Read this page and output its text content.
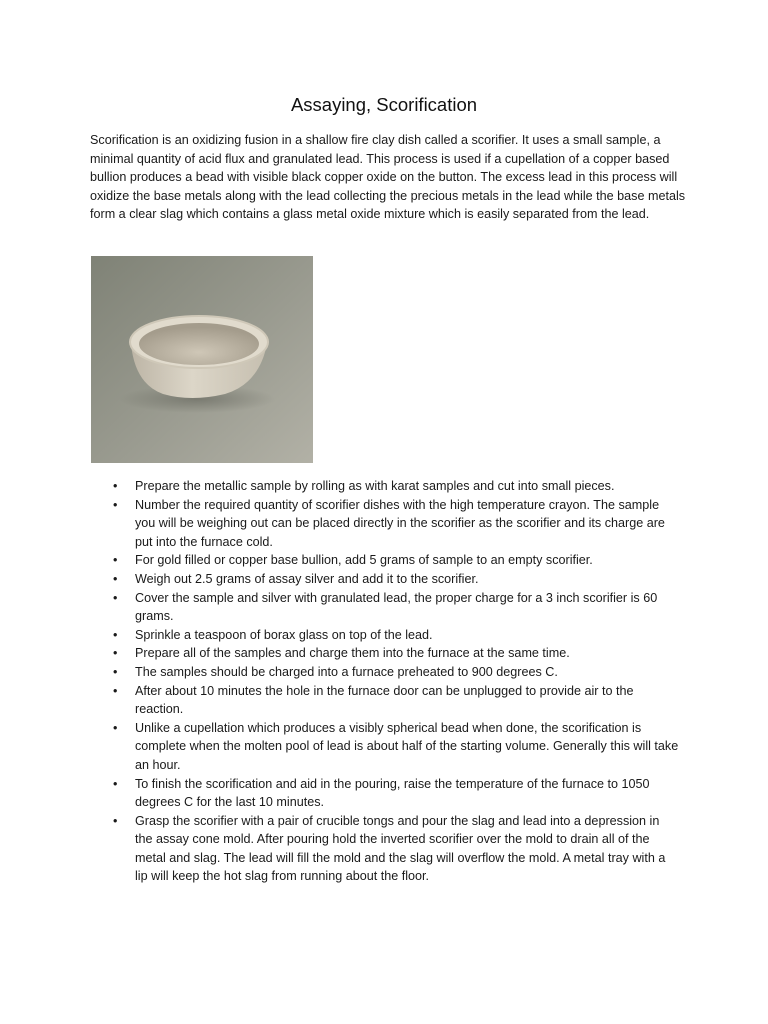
Assaying, Scorification
Scorification is an oxidizing fusion in a shallow fire clay dish called a scorifier. It uses a small sample, a minimal quantity of acid flux and granulated lead. This process is used if a cupellation of a copper based bullion produces a bead with visible black copper oxide on the button. The excess lead in this process will oxidize the base metals along with the lead collecting the precious metals in the lead while the base metals form a clear slag which contains a glass metal oxide mixture which is easily separated from the lead.
• Prepare the metallic sample by rolling as with karat samples and cut into small pieces.
• Number the required quantity of scorifier dishes with the high temperature crayon. The sample you will be weighing out can be placed directly in the scorifier as the scorifier and its charge are put into the furnace cold.
• For gold filled or copper base bullion, add 5 grams of sample to an empty scorifier.
• Weigh out 2.5 grams of assay silver and add it to the scorifier.
• Cover the sample and silver with granulated lead, the proper charge for a 3 inch scorifier is 60 grams.
• Sprinkle a teaspoon of borax glass on top of the lead.
• Prepare all of the samples and charge them into the furnace at the same time.
• The samples should be charged into a furnace preheated to 900 degrees C.
• After about 10 minutes the hole in the furnace door can be unplugged to provide air to the reaction.
• Unlike a cupellation which produces a visibly spherical bead when done, the scorification is complete when the molten pool of lead is about half of the starting volume. Generally this will take an hour.
• To finish the scorification and aid in the pouring, raise the temperature of the furnace to 1050 degrees C for the last 10 minutes.
• Grasp the scorifier with a pair of crucible tongs and pour the slag and lead into a depression in the assay cone mold. After pouring hold the inverted scorifier over the mold to drain all of the metal and slag. The lead will fill the mold and the slag will overflow the mold. A metal tray with a lip will keep the hot slag from running about the floor.
